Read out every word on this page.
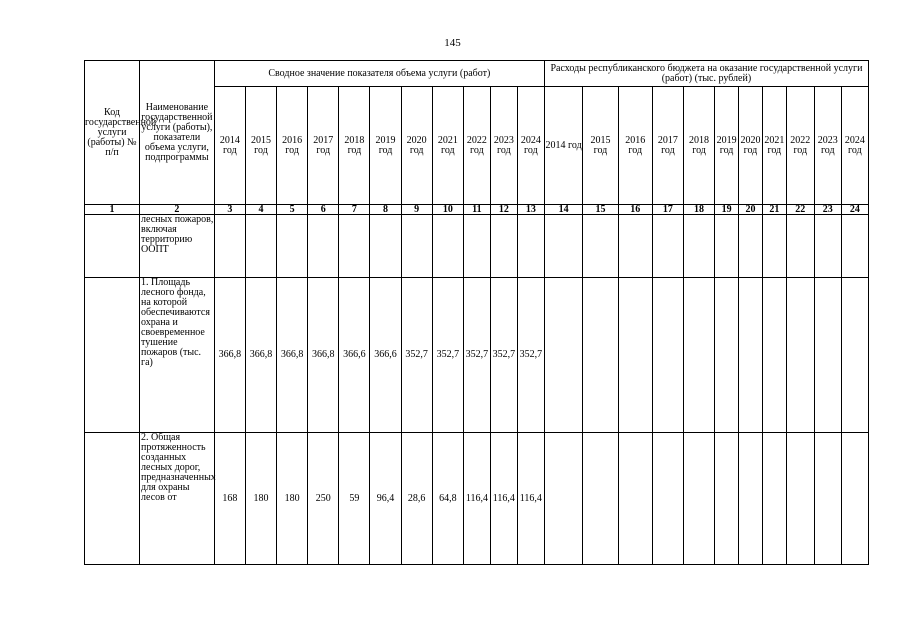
145
Код государственной услуги (работы) № п/п	Наименование государственной услуги (работы), показатели объема услуги, подпрограммы	Сводное значение показателя объема услуги (работ)											Расходы республиканского бюджета на оказание государственной услуги (работ) (тыс. рублей)										
		2014 год	2015 год	2016 год	2017 год	2018 год	2019 год	2020 год	2021 год	2022 год	2023 год	2024 год	2014 год	2015 год	2016 год	2017 год	2018 год	2019 год	2020 год	2021 год	2022 год	2023 год	2024 год
1	2	3	4	5	6	7	8	9	10	11	12	13	14	15	16	17	18	19	20	21	22	23	24
	лесных пожаров, включая территорию ООПТ																						
	1. Площадь лесного фонда, на которой обеспечиваются охрана и своевременное тушение пожаров (тыс. га)	366,8	366,8	366,8	366,8	366,6	366,6	352,7	352,7	352,7	352,7	352,7											
	2. Общая протяженность созданных лесных дорог, предназначенных для охраны лесов от	168	180	180	250	59	96,4	28,6	64,8	116,4	116,4	116,4											
